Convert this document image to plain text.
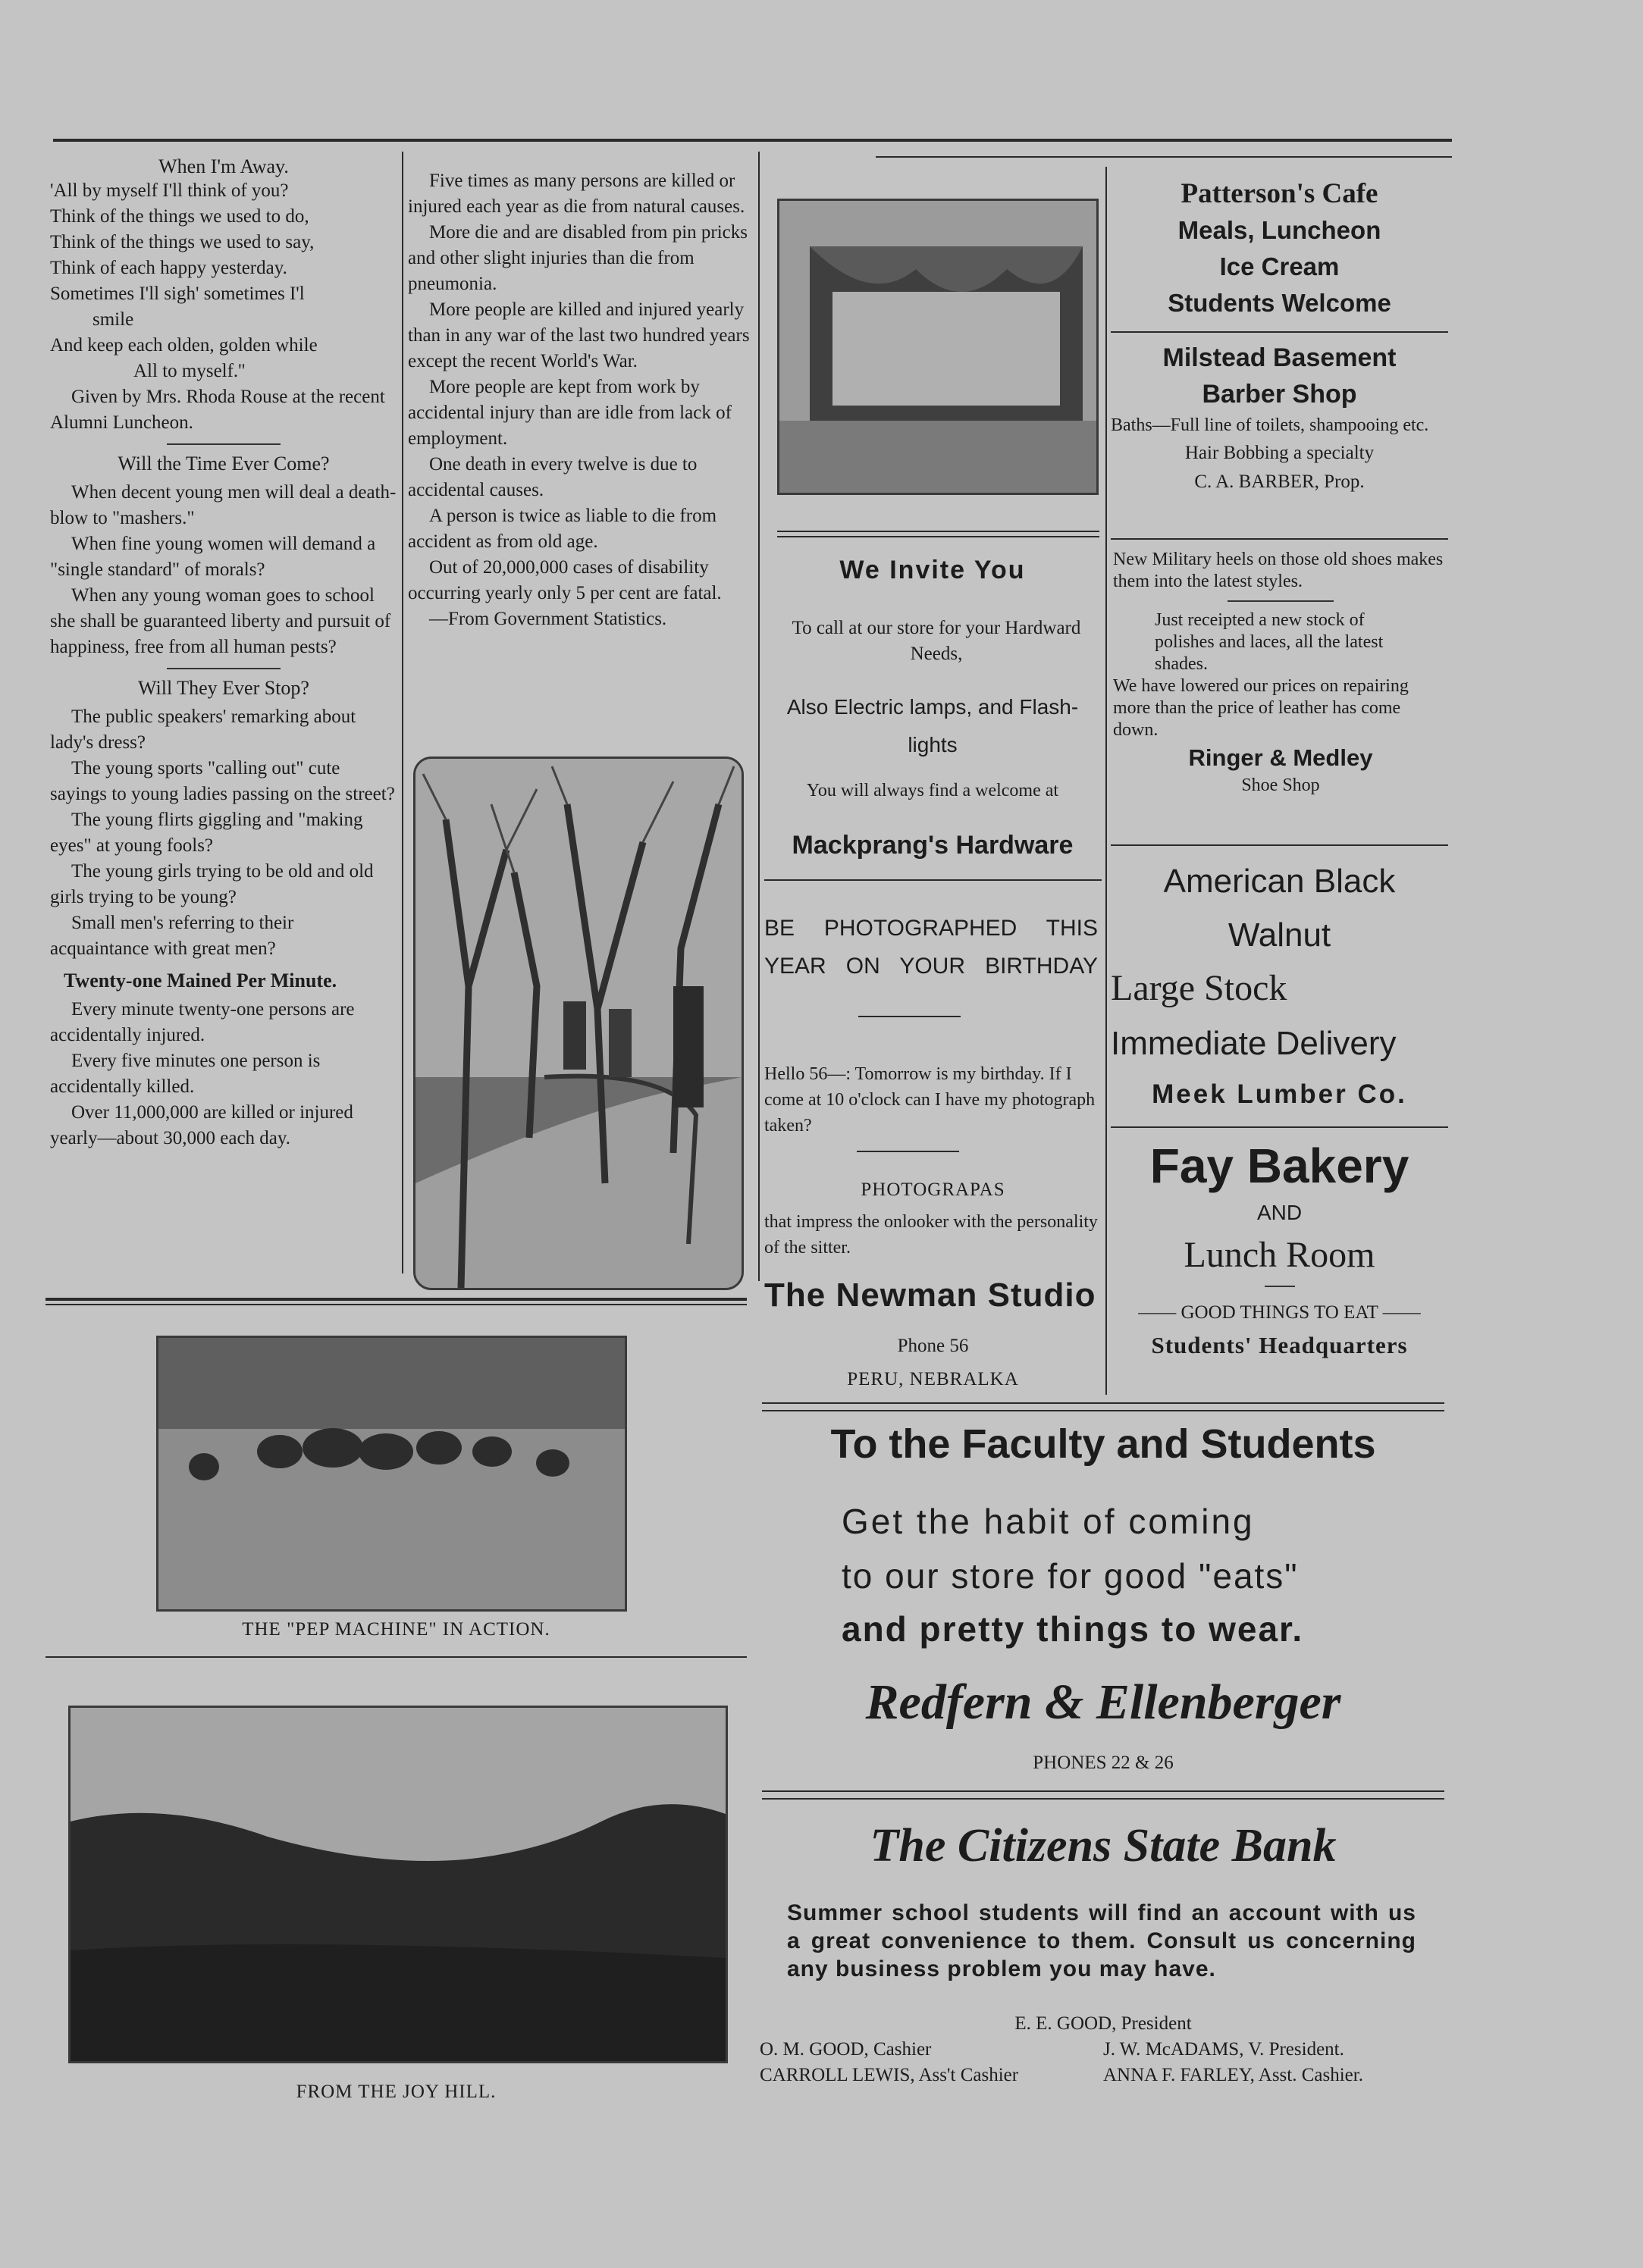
When I'm Away.
'All by myself I'll think of you?
Think of the things we used to do,
Think of the things we used to say,
Think of each happy yesterday.
Sometimes I'll sigh' sometimes I'l
smile
And keep each olden, golden while
All to myself.''

Given by Mrs. Rhoda Rouse at the recent Alumni Luncheon.

Will the Time Ever Come?

When decent young men will deal a death-blow to "mashers."

When fine young women will demand a "single standard" of morals?

When any young woman goes to school she shall be guaranteed liberty and pursuit of happiness, free from all human pests?

Will They Ever Stop?

The public speakers' remarking about lady's dress?

The young sports "calling out" cute sayings to young ladies passing on the street?

The young flirts giggling and "making eyes" at young fools?

The young girls trying to be old and old girls trying to be young?

Small men's referring to their acquaintance with great men?

Twenty-one Mained Per Minute.

Every minute twenty-one persons are accidentally injured.

Every five minutes one person is accidentally killed.

Over 11,000,000 are killed or injured yearly—about 30,000 each day.

Five times as many persons are killed or injured each year as die from natural causes.

More die and are disabled from pin pricks and other slight injuries than die from pneumonia.

More people are killed and injured yearly than in any war of the last two hundred years except the recent World's War.

More people are kept from work by accidental injury than are idle from lack of employment.

One death in every twelve is due to accidental causes.

A person is twice as liable to die from accident as from old age.

Out of 20,000,000 cases of disability occurring yearly only 5 per cent are fatal.

—From Government Statistics.

THE "PEP MACHINE" IN ACTION.
FROM THE JOY HILL.
We Invite You
To call at our store for your Hardward Needs,
Also Electric lamps, and Flash-lights
You will always find a welcome at
Mackprang's Hardware
BE PHOTOGRAPHED THIS YEAR ON YOUR BIRTHDAY
Hello 56—: Tomorrow is my birthday. If I come at 10 o'clock can I have my photograph taken?
PHOTOGRAPAS
that impress the onlooker with the personality of the sitter.
The Newman Studio
Phone 56
PERU, NEBRALKA
Patterson's Cafe
Meals, Luncheon
Ice Cream
Students Welcome
Milstead Basement
Barber Shop
Baths—Full line of toilets, shampooing etc.
Hair Bobbing a specialty
C. A. BARBER, Prop.
New Military heels on those old shoes makes them into the latest styles.
Just receipted a new stock of polishes and laces, all the latest shades.
We have lowered our prices on repairing more than the price of leather has come down.
Ringer & Medley
Shoe Shop
American Black
Walnut
Large Stock
Immediate Delivery
Meek Lumber Co.
Fay Bakery
AND
Lunch Room
—— GOOD THINGS TO EAT ——
Students' Headquarters
To the Faculty and Students
Get the habit of coming
to our store for good "eats"
and pretty things to wear.
Redfern & Ellenberger
PHONES 22 & 26
The Citizens State Bank
Summer school students will find an account with us a great convenience to them. Consult us concerning any business problem you may have.
E. E. GOOD, President
O. M. GOOD, Cashier	J. W. McADAMS, V. President.
CARROLL LEWIS, Ass't Cashier	ANNA F. FARLEY, Asst. Cashier.
